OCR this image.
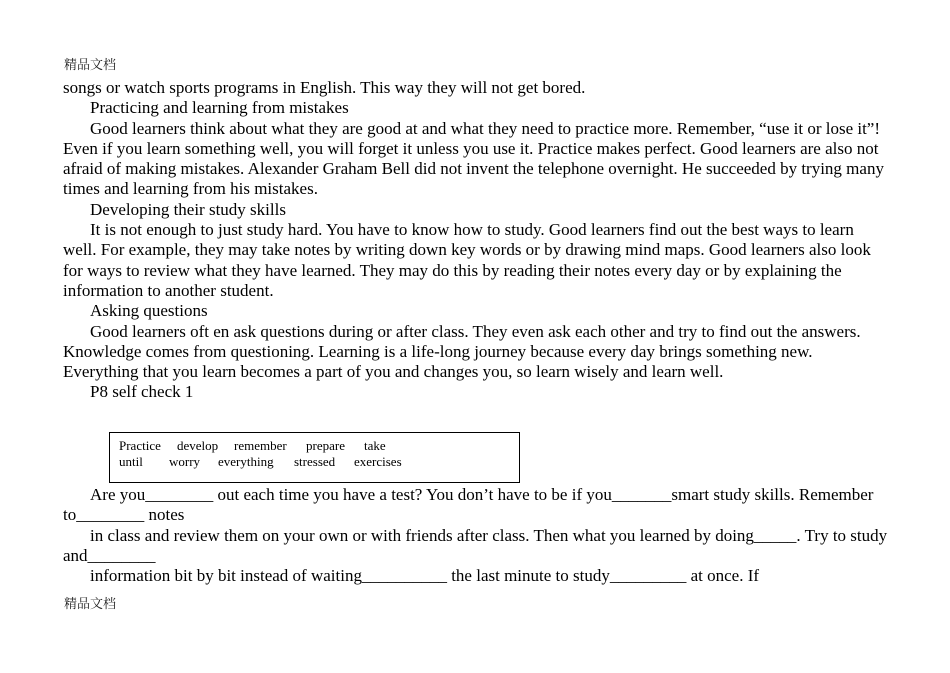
精品文档

songs or watch sports programs in English. This way they will not get bored.

Practicing and learning from mistakes

Good learners think about what they are good at and what they need to practice more. Remember, “use it or lose it”! Even if you learn something well, you will forget it unless you use it. Practice makes perfect. Good learners are also not afraid of making mistakes. Alexander Graham Bell did not invent the telephone overnight. He succeeded by trying many times and learning from his mistakes.

Developing their study skills

It is not enough to just study hard. You have to know how to study. Good learners find out the best ways to learn well. For example, they may take notes by writing down key words or by drawing mind maps. Good learners also look for ways to review what they have learned. They may do this by reading their notes every day or by explaining the information to another student.

Asking questions

Good learners oft en ask questions during or after class. They even ask each other and try to find out the answers. Knowledge comes from questioning. Learning is a life-long journey because every day brings something new. Everything that you learn becomes a part of you and changes you, so learn wisely and learn well.

P8 self check 1

Practice	develop	remember	prepare	take
until	worry	everything	stressed	exercises

Are you________ out each time you have a test? You don’t have to be if you_______smart study skills. Remember to________ notes

in class and review them on your own or with friends after class. Then what you learned by doing_____. Try to study and________

information bit by bit instead of waiting__________ the last minute to study_________ at once. If

精品文档
